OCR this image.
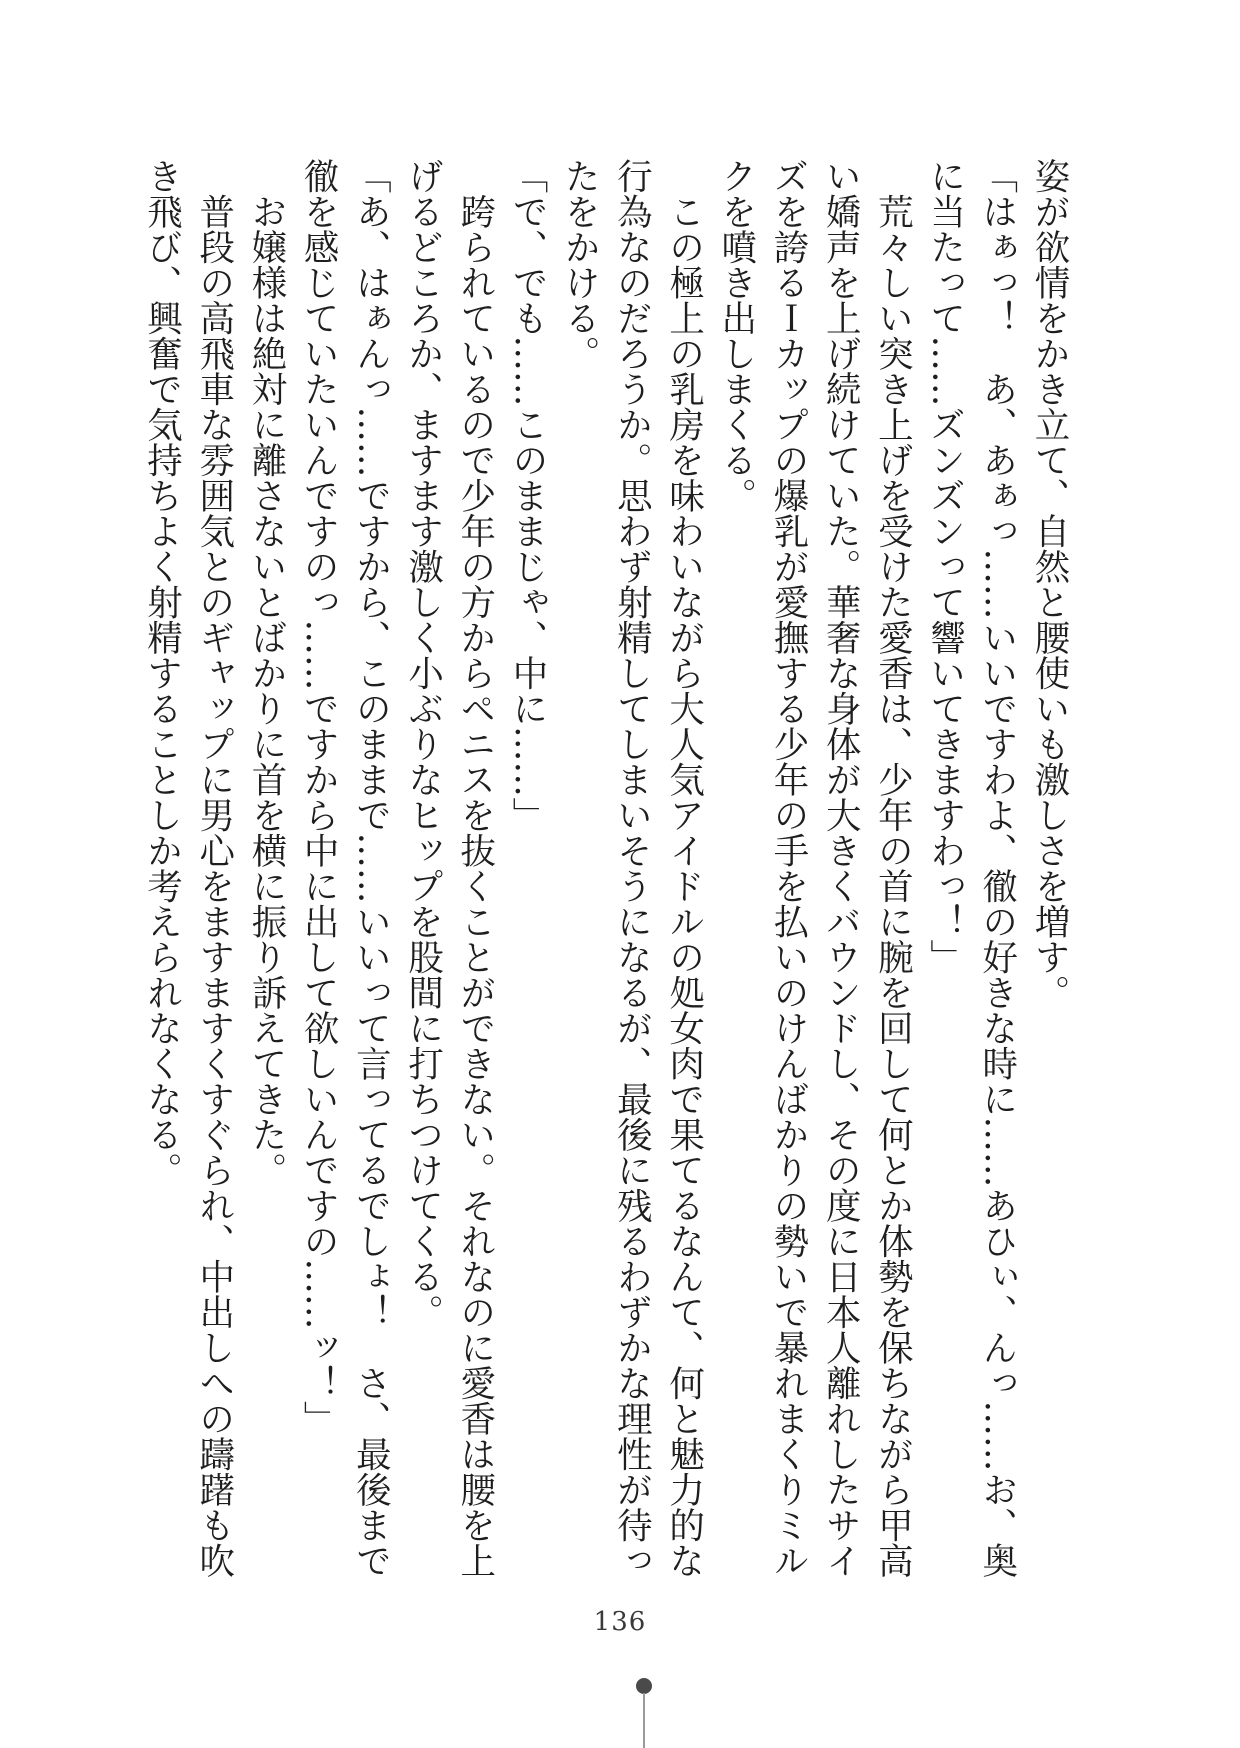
姿が欲情をかき立て、自然と腰使いも激しさを増す。
「はぁっ！　あ、あぁっ……いいですわよ、徹の好きな時に……あひぃ、んっ……お、奥
に当たって……ズンズンって響いてきますわっ！」
　荒々しい突き上げを受けた愛香は、少年の首に腕を回して何とか体勢を保ちながら甲高
い嬌声を上げ続けていた。華奢な身体が大きくバウンドし、その度に日本人離れしたサイ
ズを誇るＩカップの爆乳が愛撫する少年の手を払いのけんばかりの勢いで暴れまくりミル
クを噴き出しまくる。
　この極上の乳房を味わいながら大人気アイドルの処女肉で果てるなんて、何と魅力的な
行為なのだろうか。思わず射精してしまいそうになるが、最後に残るわずかな理性が待っ
たをかける。
「で、でも……このままじゃ、中に……」
　跨られているので少年の方からペニスを抜くことができない。それなのに愛香は腰を上
げるどころか、ますます激しく小ぶりなヒップを股間に打ちつけてくる。
「あ、はぁんっ……ですから、このままで……いいって言ってるでしょ！　さ、最後まで
徹を感じていたいんですのっ……ですから中に出して欲しいんですの……ッ！」
　お嬢様は絶対に離さないとばかりに首を横に振り訴えてきた。
　普段の高飛車な雰囲気とのギャップに男心をますますくすぐられ、中出しへの躊躇も吹
き飛び、興奮で気持ちよく射精することしか考えられなくなる。
136
